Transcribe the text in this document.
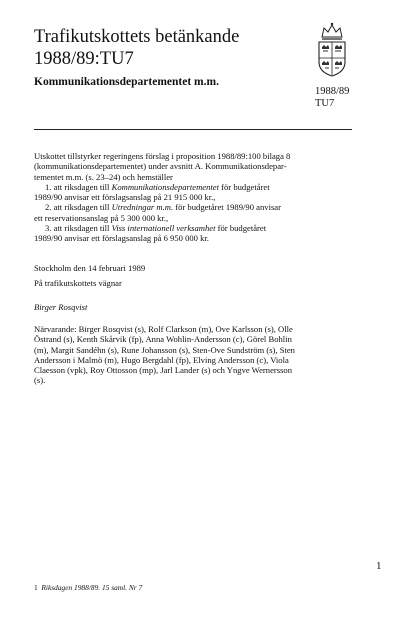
Trafikutskottets betänkande
1988/89:TU7
Kommunikationsdepartementet m.m.
1988/89
TU7

Utskottet tillstyrker regeringens förslag i proposition 1988/89:100 bilaga 8

(kommunikationsdepartementet) under avsnitt A. Kommunikationsdepar-

tementet m.m. (s. 23–24) och hemställer

1. att riksdagen till Kommunikationsdepartementet för budgetåret

1989/90 anvisar ett förslagsanslag på 21 915 000 kr.,

2. att riksdagen till Utredningar m.m. för budgetåret 1989/90 anvisar

ett reservationsanslag på 5 300 000 kr.,

3. att riksdagen till Viss internationell verksamhet för budgetåret

1989/90 anvisar ett förslagsanslag på 6 950 000 kr.

Stockholm den 14 februari 1989

På trafikutskottets vägnar

Birger Rosqvist

Närvarande: Birger Rosqvist (s), Rolf Clarkson (m), Ove Karlsson (s), Olle
Östrand (s), Kenth Skårvik (fp), Anna Wohlin-Andersson (c), Görel Bohlin
(m), Margit Sandéhn (s), Rune Johansson (s), Sten-Ove Sundström (s), Sten
Andersson i Malmö (m), Hugo Bergdahl (fp), Elving Andersson (c), Viola
Claesson (vpk), Roy Ottosson (mp), Jarl Lander (s) och Yngve Wernersson
(s).
1
1 Riksdagen 1988/89. 15 saml. Nr 7
